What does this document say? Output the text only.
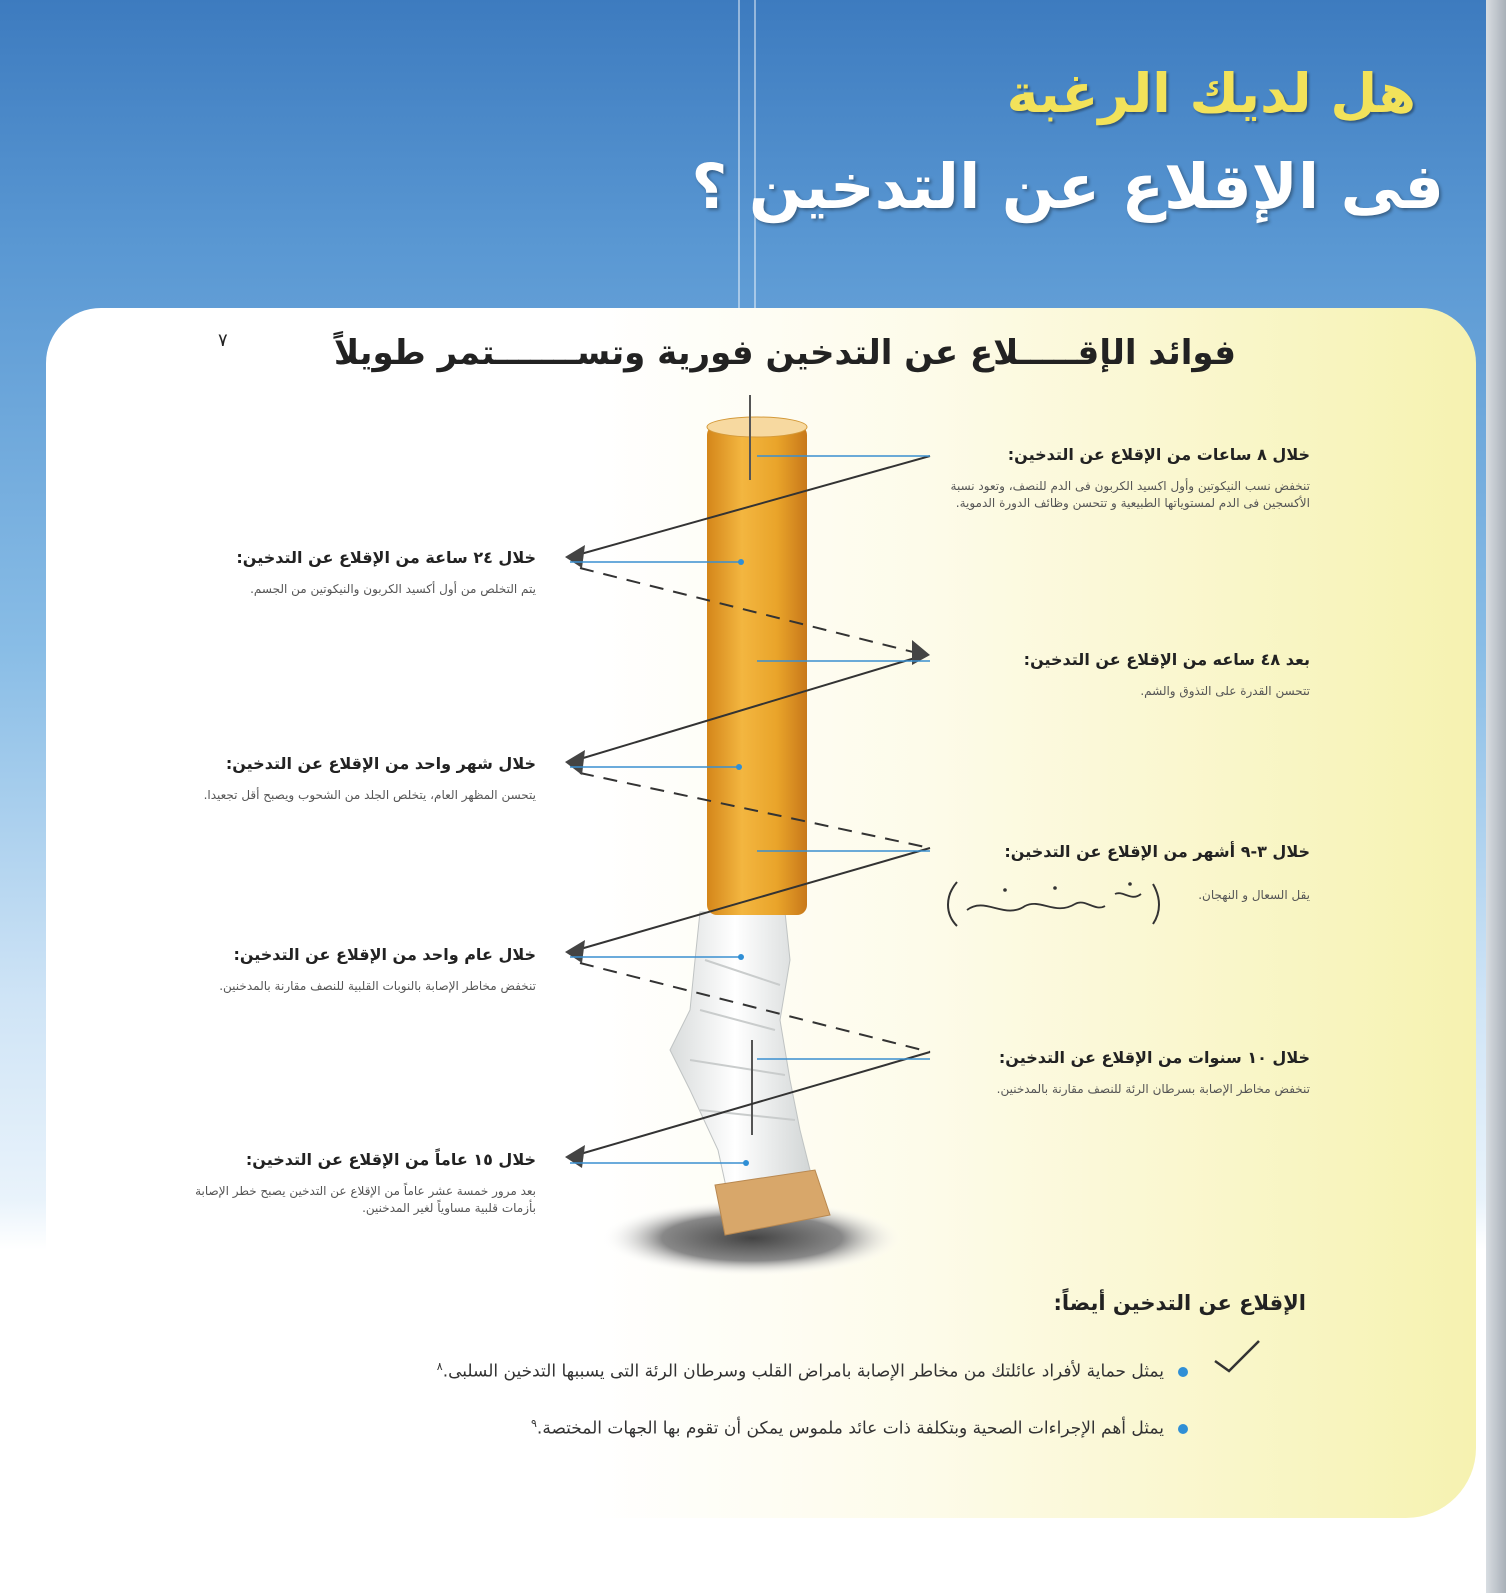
هل لديك الرغبة
فى الإقلاع عن التدخين ؟
فوائد الإقـــــلاع عن التدخين فورية وتســـــــتمر طويلاً
٧
خلال ٨ ساعات من الإقلاع عن التدخين:
تنخفض نسب النيكوتين وأول اكسيد الكربون فى الدم للنصف، وتعود نسبة الأكسجين فى الدم لمستوياتها الطبيعية و تتحسن وظائف الدورة الدموية.
خلال ٢٤ ساعة من الإقلاع عن التدخين:
يتم التخلص من أول أكسيد الكربون والنيكوتين من الجسم.
بعد ٤٨ ساعه من الإقلاع عن التدخين:
تتحسن القدرة على التذوق والشم.
خلال شهر واحد من الإقلاع عن التدخين:
يتحسن المظهر العام، يتخلص الجلد من الشحوب ويصبح أقل تجعيدا.
خلال ٣-٩ أشهر من الإقلاع عن التدخين:
يقل السعال و النهجان.
خلال عام واحد من الإقلاع عن التدخين:
تنخفض مخاطر الإصابة بالنوبات القلبية للنصف مقارنة بالمدخنين.
خلال ١٠ سنوات من الإقلاع عن التدخين:
تنخفض مخاطر الإصابة بسرطان الرئة للنصف مقارنة بالمدخنين.
خلال ١٥ عاماً من الإقلاع عن التدخين:
بعد مرور خمسة عشر عاماً من الإقلاع عن التدخين يصبح خطر الإصابة بأزمات قلبية مساوياً لغير المدخنين.
الإقلاع عن التدخين أيضاً:
يمثل حماية لأفراد عائلتك من مخاطر الإصابة بامراض القلب وسرطان الرئة التى يسببها التدخين السلبى.$^٨$
يمثل أهم الإجراءات الصحية وبتكلفة ذات عائد ملموس يمكن أن تقوم بها الجهات المختصة.$^٩$
